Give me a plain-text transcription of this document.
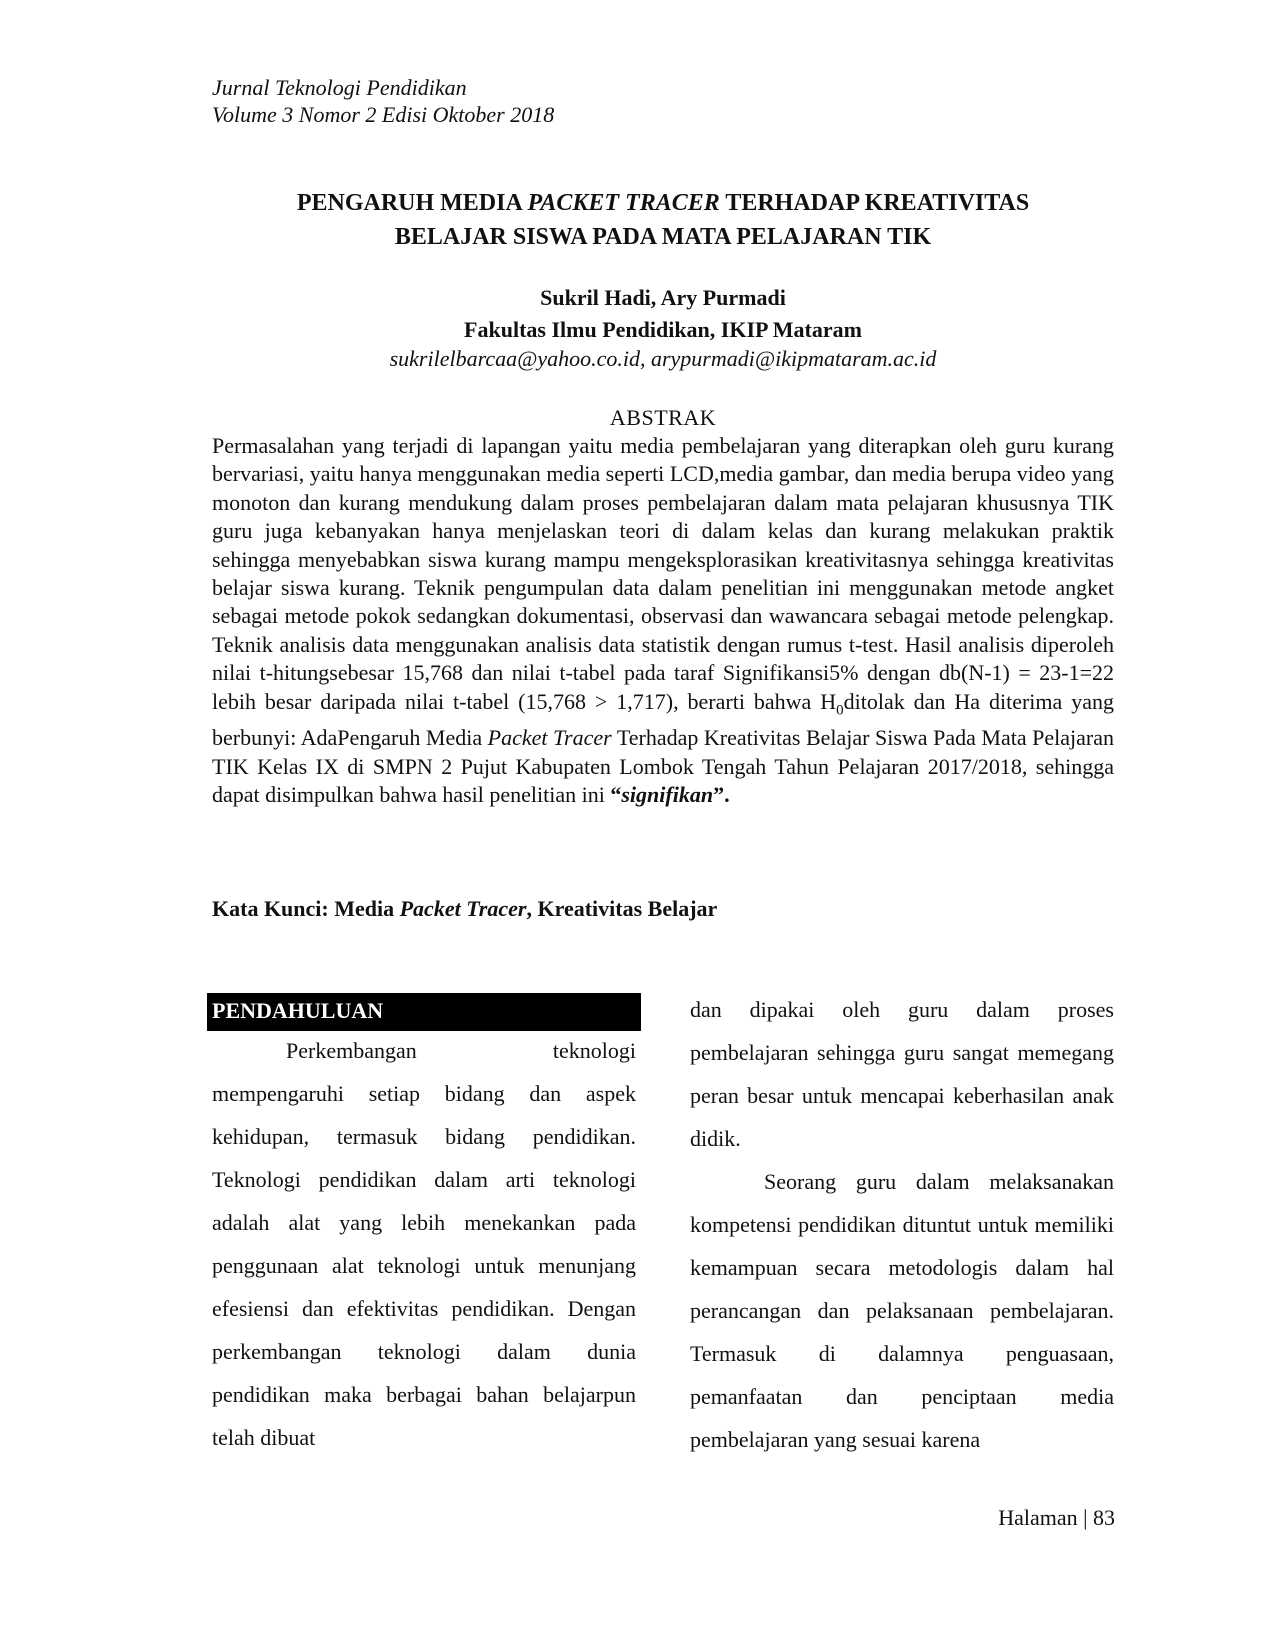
Jurnal Teknologi Pendidikan
Volume 3 Nomor 2 Edisi Oktober 2018
PENGARUH MEDIA PACKET TRACER TERHADAP KREATIVITAS
BELAJAR SISWA PADA MATA PELAJARAN TIK
Sukril Hadi, Ary Purmadi
Fakultas Ilmu Pendidikan, IKIP Mataram
sukrilelbarcaa@yahoo.co.id, arypurmadi@ikipmataram.ac.id
ABSTRAK

Permasalahan yang terjadi di lapangan yaitu media pembelajaran yang diterapkan oleh guru kurang bervariasi, yaitu hanya menggunakan media seperti LCD,media gambar, dan media berupa video yang monoton dan kurang mendukung dalam proses pembelajaran dalam mata pelajaran khususnya TIK guru juga kebanyakan hanya menjelaskan teori di dalam kelas dan kurang melakukan praktik sehingga menyebabkan siswa kurang mampu mengeksplorasikan kreativitasnya sehingga kreativitas belajar siswa kurang. Teknik pengumpulan data dalam penelitian ini menggunakan metode angket sebagai metode pokok sedangkan dokumentasi, observasi dan wawancara sebagai metode pelengkap. Teknik analisis data menggunakan analisis data statistik dengan rumus t-test. Hasil analisis diperoleh nilai t-hitungsebesar 15,768 dan nilai t-tabel pada taraf Signifikansi5% dengan db(N-1) = 23-1=22 lebih besar daripada nilai t-tabel (15,768 > 1,717), berarti bahwa $H_0ditolak$ dan Ha diterima yang berbunyi: AdaPengaruh Media Packet Tracer Terhadap Kreativitas Belajar Siswa Pada Mata Pelajaran TIK Kelas IX di SMPN 2 Pujut Kabupaten Lombok Tengah Tahun Pelajaran 2017/2018, sehingga dapat disimpulkan bahwa hasil penelitian ini “signifikan”.

Kata Kunci: Media Packet Tracer, Kreativitas Belajar
PENDAHULUAN

Perkembangan teknologi mempengaruhi setiap bidang dan aspek kehidupan, termasuk bidang pendidikan. Teknologi pendidikan dalam arti teknologi adalah alat yang lebih menekankan pada penggunaan alat teknologi untuk menunjang efesiensi dan efektivitas pendidikan. Dengan perkembangan teknologi dalam dunia pendidikan maka berbagai bahan belajarpun telah dibuat

dan dipakai oleh guru dalam proses pembelajaran sehingga guru sangat memegang peran besar untuk mencapai keberhasilan anak didik.

Seorang guru dalam melaksanakan kompetensi pendidikan dituntut untuk memiliki kemampuan secara metodologis dalam hal perancangan dan pelaksanaan pembelajaran. Termasuk di dalamnya penguasaan, pemanfaatan dan penciptaan media pembelajaran yang sesuai karena

Halaman | 83
